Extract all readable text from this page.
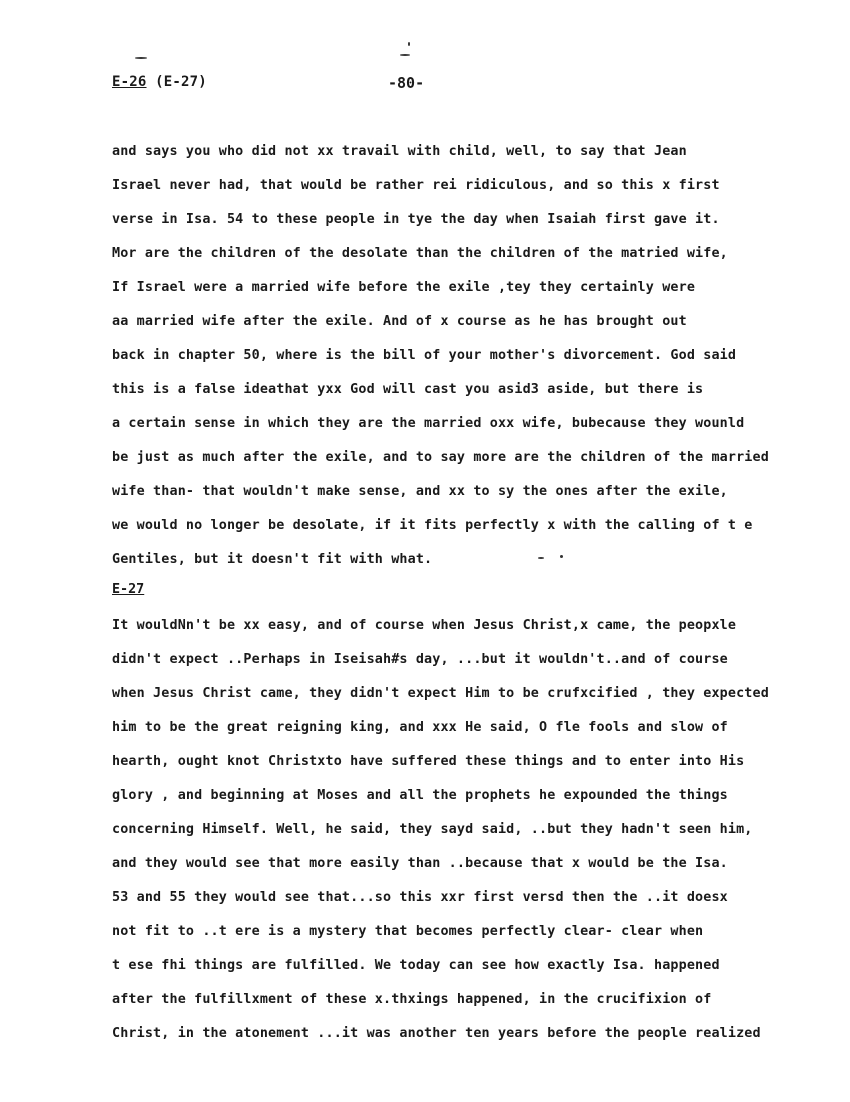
E-26 (E-27)	-80-
and says you who did not xx travail with child, well, to say that Jean
Israel never had, that would be rather rei ridiculous, and so this x first
verse in Isa. 54 to these people in tye the day when Isaiah first gave it.
Mor are the children of the desolate than the children of the matried wife,
If Israel were a married wife before the exile ,tey they certainly were
aa married wife after the exile. And of x course as he has brought out
back in chapter 50, where is the bill of your mother's divorcement. God said
this is a false ideathat yxx God will cast you asid3 aside, but there is
a certain sense in which they are the married oxx wife, bubecause they wounld
be just as much after the exile, and to say more are the children of the married
wife than- that wouldn't make sense, and xx to sy the ones after the exile,
we would no longer be desolate, if it fits perfectly x with the calling of t e
Gentiles, but it doesn't fit with what.
E-27
It wouldNn't be xx easy, and of course when Jesus Christ,x came, the peopxle
didn't expect ..Perhaps in Iseisah#s day, ...but it wouldn't..and of course
when Jesus Christ came, they didn't expect Him to be crufxcified , they expected
him to be the great reigning king, and xxx He said, O fle fools and slow of
hearth, ought knot Christxto have suffered these things and to enter into His
glory , and beginning at Moses and all the prophets he expounded the things
concerning Himself. Well, he said, they sayd said, ..but they hadn't seen him,
and they would see that more easily than ..because that x would be the Isa.
53 and 55 they would see that...so this xxr first versd then the ..it doesx
not fit to ..t ere is a mystery that becomes perfectly clear- clear when
t ese fhi things are fulfilled. We today can see how exactly Isa. happened
after the fulfillxment of these x.thxings happened, in the crucifixion of
Christ, in the atonement ...it was another ten years before the people realized
